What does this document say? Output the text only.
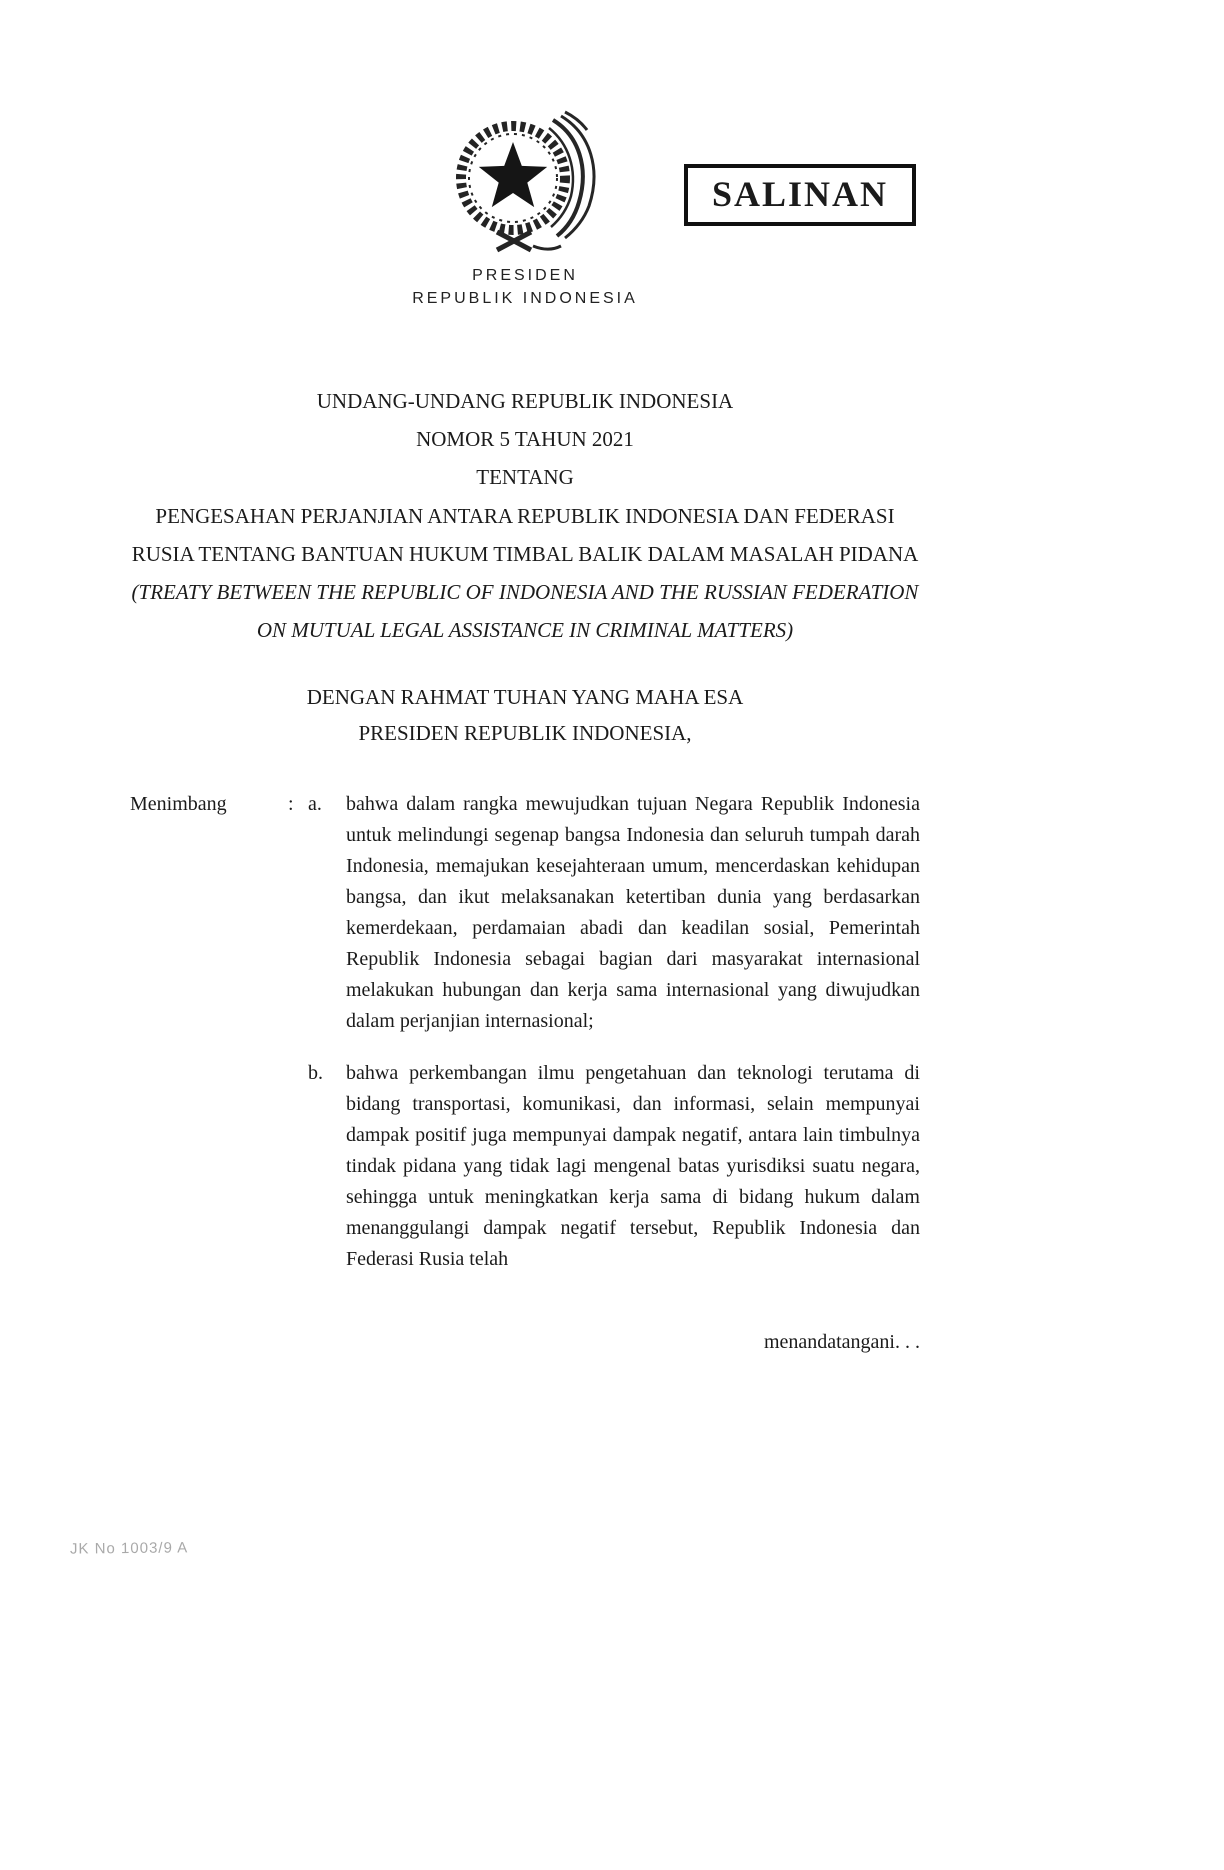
SALINAN
PRESIDEN
REPUBLIK INDONESIA
UNDANG-UNDANG REPUBLIK INDONESIA
NOMOR 5 TAHUN 2021
TENTANG
PENGESAHAN PERJANJIAN ANTARA REPUBLIK INDONESIA DAN FEDERASI RUSIA TENTANG BANTUAN HUKUM TIMBAL BALIK DALAM MASALAH PIDANA
(TREATY BETWEEN THE REPUBLIC OF INDONESIA AND THE RUSSIAN FEDERATION ON MUTUAL LEGAL ASSISTANCE IN CRIMINAL MATTERS)
DENGAN RAHMAT TUHAN YANG MAHA ESA
PRESIDEN REPUBLIK INDONESIA,
Menimbang	: a.	bahwa dalam rangka mewujudkan tujuan Negara Republik Indonesia untuk melindungi segenap bangsa Indonesia dan seluruh tumpah darah Indonesia, memajukan kesejahteraan umum, mencerdaskan kehidupan bangsa, dan ikut melaksanakan ketertiban dunia yang berdasarkan kemerdekaan, perdamaian abadi dan keadilan sosial, Pemerintah Republik Indonesia sebagai bagian dari masyarakat internasional melakukan hubungan dan kerja sama internasional yang diwujudkan dalam perjanjian internasional;
b.	bahwa perkembangan ilmu pengetahuan dan teknologi terutama di bidang transportasi, komunikasi, dan informasi, selain mempunyai dampak positif juga mempunyai dampak negatif, antara lain timbulnya tindak pidana yang tidak lagi mengenal batas yurisdiksi suatu negara, sehingga untuk meningkatkan kerja sama di bidang hukum dalam menanggulangi dampak negatif tersebut, Republik Indonesia dan Federasi Rusia telah
menandatangani. . .
JK No 1003/9 A
